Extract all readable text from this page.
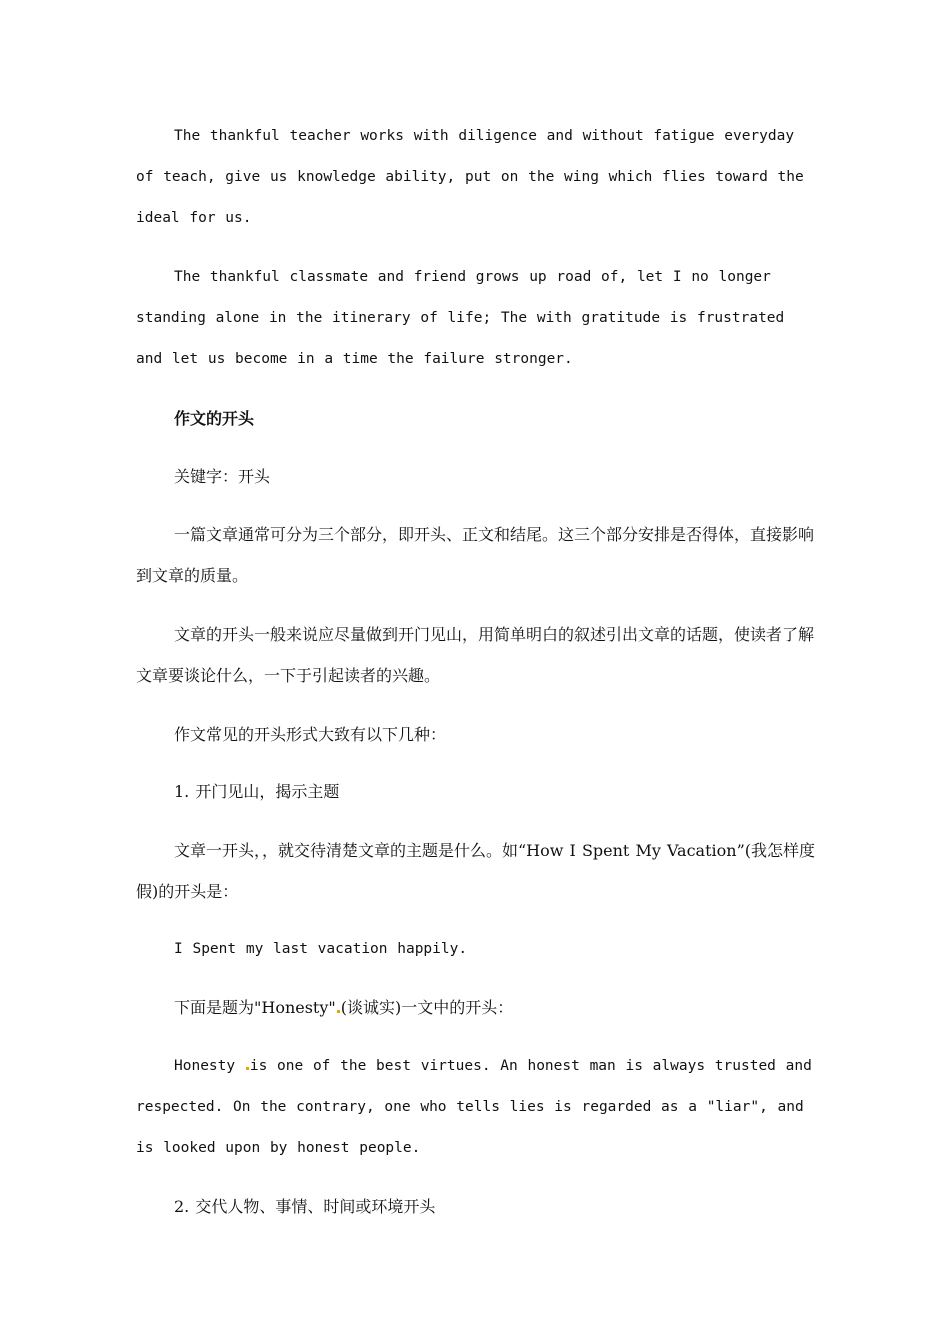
The thankful teacher works with diligence and without fatigue everyday of teach, give us knowledge ability, put on the wing which flies toward the ideal for us.
The thankful classmate and friend grows up road of, let I no longer standing alone in the itinerary of life; The with gratitude is frustrated and let us become in a time the failure stronger.
作文的开头
关键字：开头
一篇文章通常可分为三个部分，即开头、正文和结尾。这三个部分安排是否得体，直接影响到文章的质量。
文章的开头一般来说应尽量做到开门见山，用简单明白的叙述引出文章的话题，使读者了解文章要谈论什么，一下于引起读者的兴趣。
作文常见的开头形式大致有以下几种：
1. 开门见山，揭示主题
文章一开头，，就交待清楚文章的主题是什么。如“How I Spent My Vacation”(我怎样度假)的开头是：
I Spent my last vacation happily.
下面是题为"Honesty" (谈诚实)一文中的开头：
Honesty is one of the best virtues. An honest man is always trusted and respected. On the contrary, one who tells lies is regarded as a "liar", and is looked upon by honest people.
2. 交代人物、事情、时间或环境开头
